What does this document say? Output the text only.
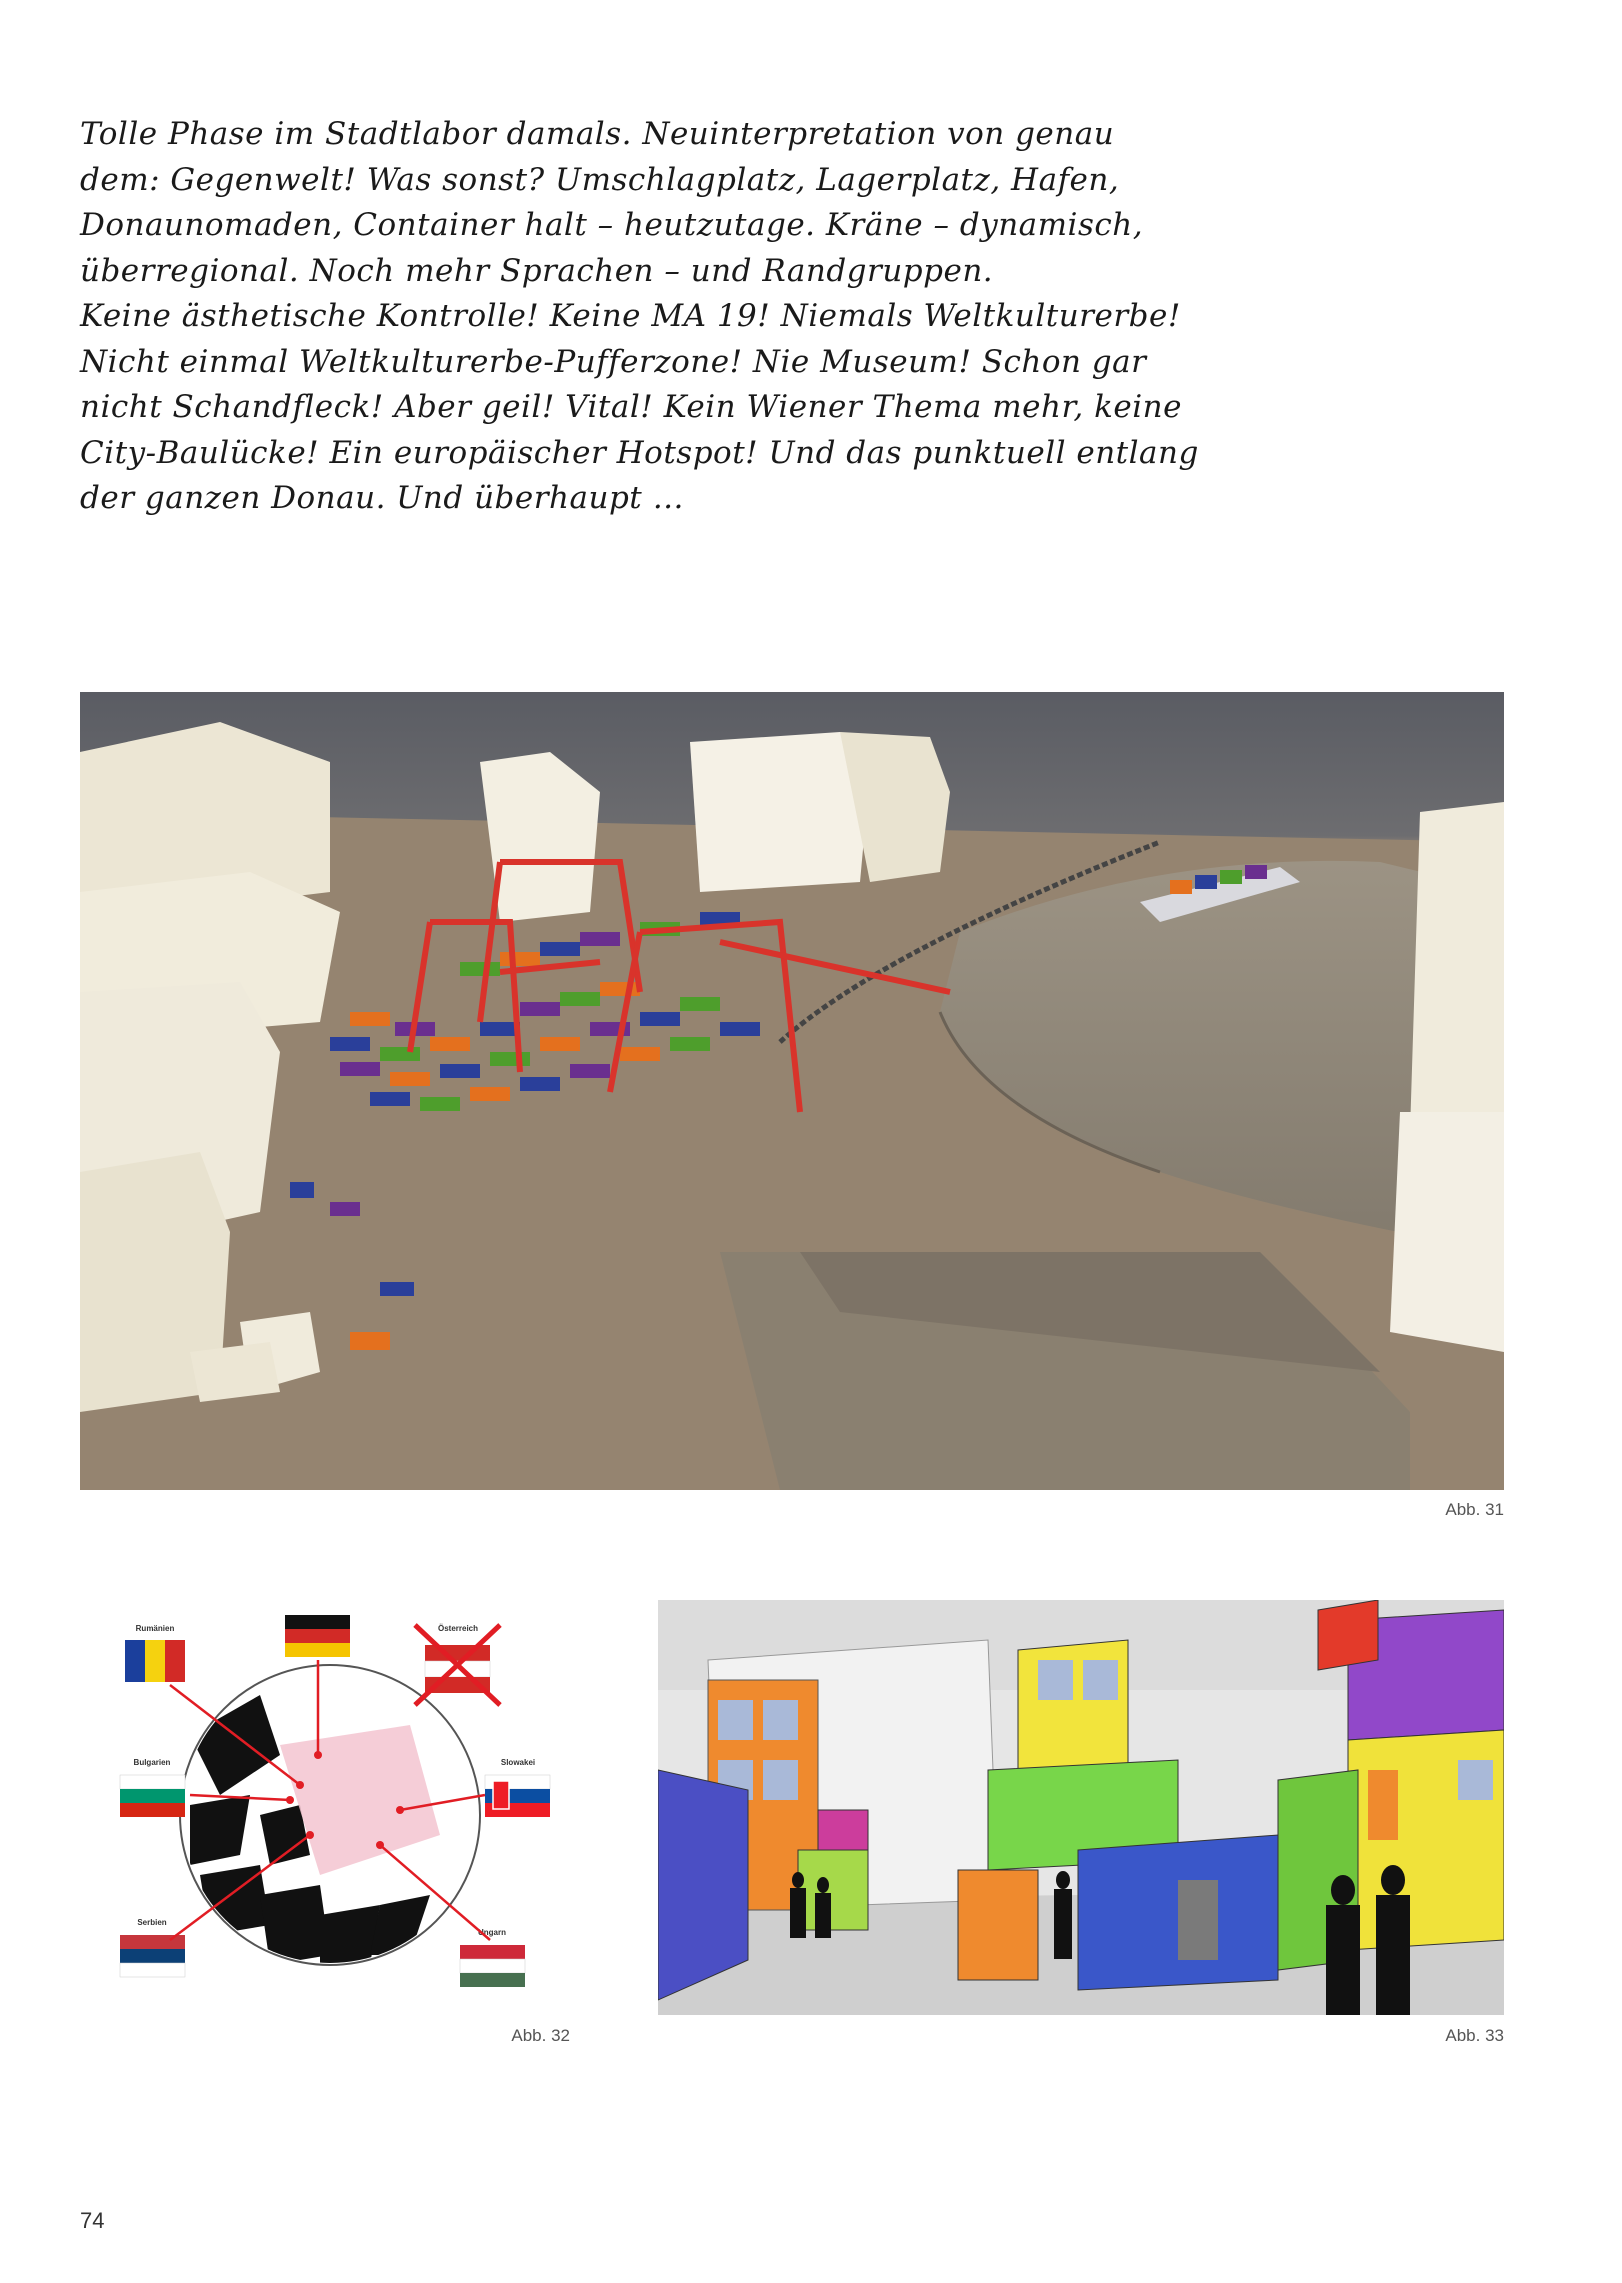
Tolle Phase im Stadtlabor damals. Neuinterpretation von genau

dem: Gegenwelt! Was sonst? Umschlagplatz, Lagerplatz, Hafen,

Donaunomaden, Container halt – heutzutage. Kräne – dynamisch,

überregional. Noch mehr Sprachen – und Randgruppen.

Keine ästhetische Kontrolle! Keine MA 19! Niemals Weltkulturerbe!

Nicht einmal Weltkulturerbe-Pufferzone! Nie Museum! Schon gar

nicht Schandfleck! Aber geil! Vital! Kein Wiener Thema mehr, keine

City-Baulücke! Ein europäischer Hotspot! Und das punktuell entlang

der ganzen Donau. Und überhaupt …

Abb. 31
Rumänien	Österreich
Bulgarien	Slowakei
Serbien
Ungarn
Abb. 32	Abb. 33
74
